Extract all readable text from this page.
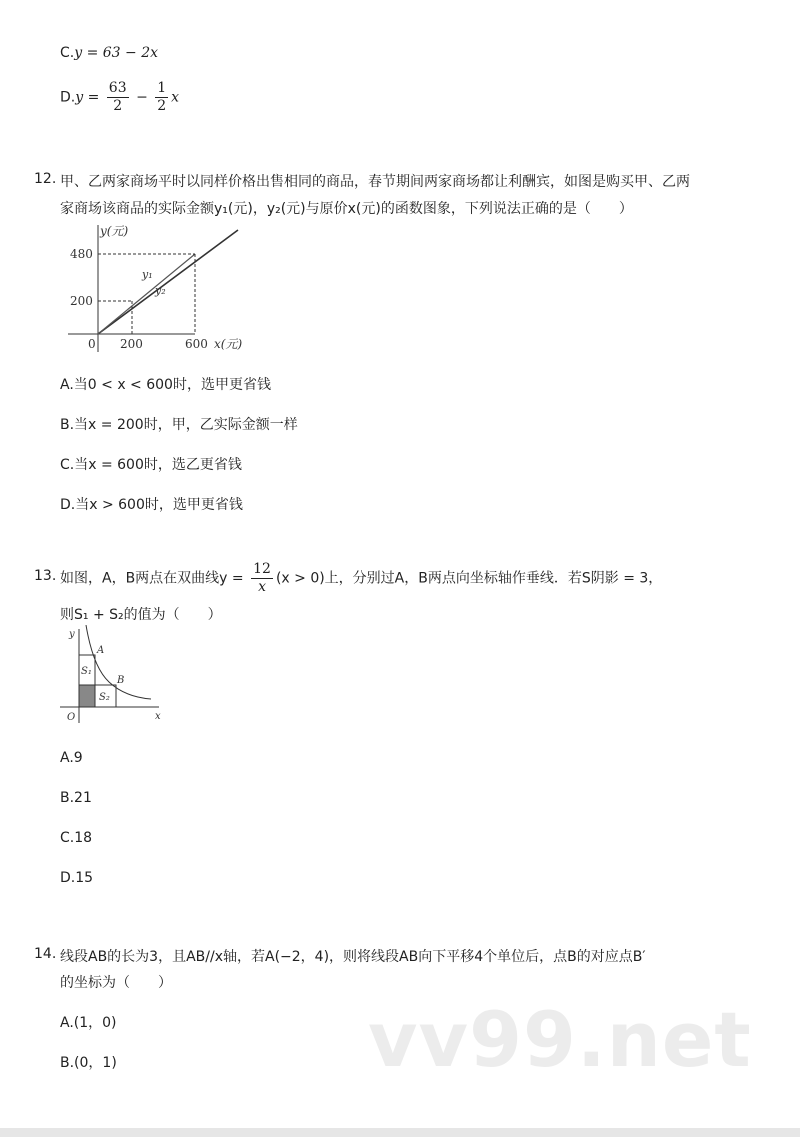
C.y = 63 − 2x
$D.y = \frac{63}{2} - \frac{1}{2}$ x
12. 甲、乙两家商场平时以同样价格出售相同的商品，春节期间两家商场都让利酬宾，如图是购买甲、乙两
家商场该商品的实际金额y₁(元)，y₂(元)与原价x(元)的函数图象，下列说法正确的是（　　）
y(元)
480
200
0 200	600 x(元)
y₁
y₂
A.当0 < x < 600时，选甲更省钱
B.当x = 200时，甲，乙实际金额一样
C.当x = 600时，选乙更省钱
D.当x > 600时，选甲更省钱
13. 如图，A，B两点在双曲线$y = \frac{12}{x} (x > 0)$上，分别过A，B两点向坐标轴作垂线．若S阴影 = 3，
则S₁ + S₂的值为（　　）
y
x
O
A
B
S₁
S₂
A.9
B.21
C.18
D.15
14. 线段AB的长为3，且AB//x轴，若A(−2，4)，则将线段AB向下平移4个单位后，点B的对应点B′
的坐标为（　　）
A.(1，0)
B.(0，1)	vv99.net
